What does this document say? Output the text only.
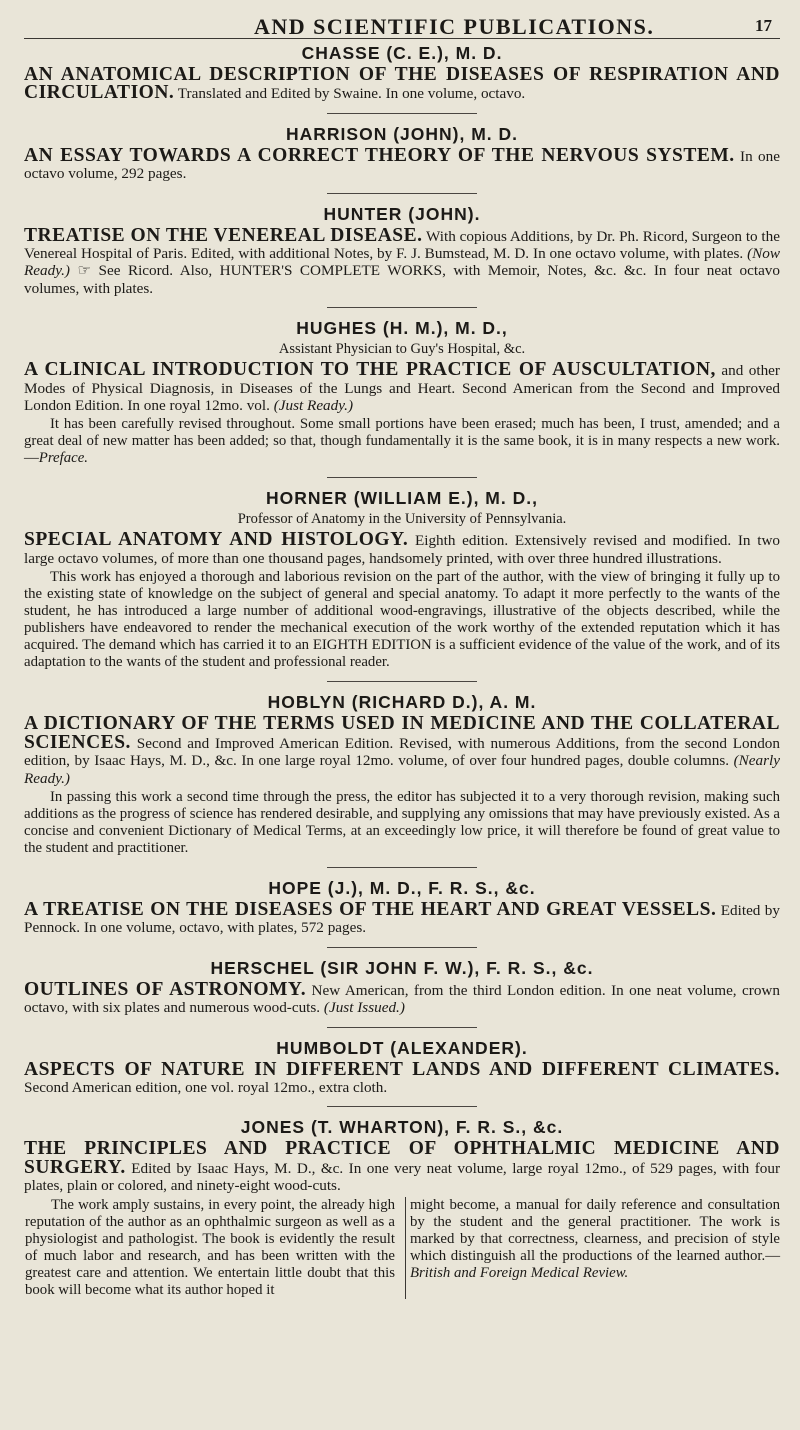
AND SCIENTIFIC PUBLICATIONS.	17
CHASSE (C. E.), M. D.

AN ANATOMICAL DESCRIPTION OF THE DISEASES OF RESPIRATION AND CIRCULATION. Translated and Edited by Swaine. In one volume, octavo.

HARRISON (JOHN), M. D.

AN ESSAY TOWARDS A CORRECT THEORY OF THE NERVOUS SYSTEM. In one octavo volume, 292 pages.

HUNTER (JOHN).

TREATISE ON THE VENEREAL DISEASE. With copious Additions, by Dr. Ph. Ricord, Surgeon to the Venereal Hospital of Paris. Edited, with additional Notes, by F. J. Bumstead, M. D. In one octavo volume, with plates. (Now Ready.) ☞ See Ricord. Also, HUNTER'S COMPLETE WORKS, with Memoir, Notes, &c. &c. In four neat octavo volumes, with plates.

HUGHES (H. M.), M. D.,
Assistant Physician to Guy's Hospital, &c.

A CLINICAL INTRODUCTION TO THE PRACTICE OF AUSCULTATION, and other Modes of Physical Diagnosis, in Diseases of the Lungs and Heart. Second American from the Second and Improved London Edition. In one royal 12mo. vol. (Just Ready.)

It has been carefully revised throughout. Some small portions have been erased; much has been, I trust, amended; and a great deal of new matter has been added; so that, though fundamentally it is the same book, it is in many respects a new work.—Preface.

HORNER (WILLIAM E.), M. D.,
Professor of Anatomy in the University of Pennsylvania.

SPECIAL ANATOMY AND HISTOLOGY. Eighth edition. Extensively revised and modified. In two large octavo volumes, of more than one thousand pages, handsomely printed, with over three hundred illustrations.

This work has enjoyed a thorough and laborious revision on the part of the author, with the view of bringing it fully up to the existing state of knowledge on the subject of general and special anatomy. To adapt it more perfectly to the wants of the student, he has introduced a large number of additional wood-engravings, illustrative of the objects described, while the publishers have endeavored to render the mechanical execution of the work worthy of the extended reputation which it has acquired. The demand which has carried it to an EIGHTH EDITION is a sufficient evidence of the value of the work, and of its adaptation to the wants of the student and professional reader.

HOBLYN (RICHARD D.), A. M.

A DICTIONARY OF THE TERMS USED IN MEDICINE AND THE COLLATERAL SCIENCES. Second and Improved American Edition. Revised, with numerous Additions, from the second London edition, by Isaac Hays, M. D., &c. In one large royal 12mo. volume, of over four hundred pages, double columns. (Nearly Ready.)

In passing this work a second time through the press, the editor has subjected it to a very thorough revision, making such additions as the progress of science has rendered desirable, and supplying any omissions that may have previously existed. As a concise and convenient Dictionary of Medical Terms, at an exceedingly low price, it will therefore be found of great value to the student and practitioner.

HOPE (J.), M. D., F. R. S., &c.

A TREATISE ON THE DISEASES OF THE HEART AND GREAT VESSELS. Edited by Pennock. In one volume, octavo, with plates, 572 pages.

HERSCHEL (SIR JOHN F. W.), F. R. S., &c.

OUTLINES OF ASTRONOMY. New American, from the third London edition. In one neat volume, crown octavo, with six plates and numerous wood-cuts. (Just Issued.)

HUMBOLDT (ALEXANDER).

ASPECTS OF NATURE IN DIFFERENT LANDS AND DIFFERENT CLIMATES. Second American edition, one vol. royal 12mo., extra cloth.

JONES (T. WHARTON), F. R. S., &c.

THE PRINCIPLES AND PRACTICE OF OPHTHALMIC MEDICINE AND SURGERY. Edited by Isaac Hays, M. D., &c. In one very neat volume, large royal 12mo., of 529 pages, with four plates, plain or colored, and ninety-eight wood-cuts.

The work amply sustains, in every point, the already high reputation of the author as an ophthalmic surgeon as well as a physiologist and pathologist. The book is evidently the result of much labor and research, and has been written with the greatest care and attention. We entertain little doubt that this book will become what its author hoped it

might become, a manual for daily reference and consultation by the student and the general practitioner. The work is marked by that correctness, clearness, and precision of style which distinguish all the productions of the learned author.—British and Foreign Medical Review.
